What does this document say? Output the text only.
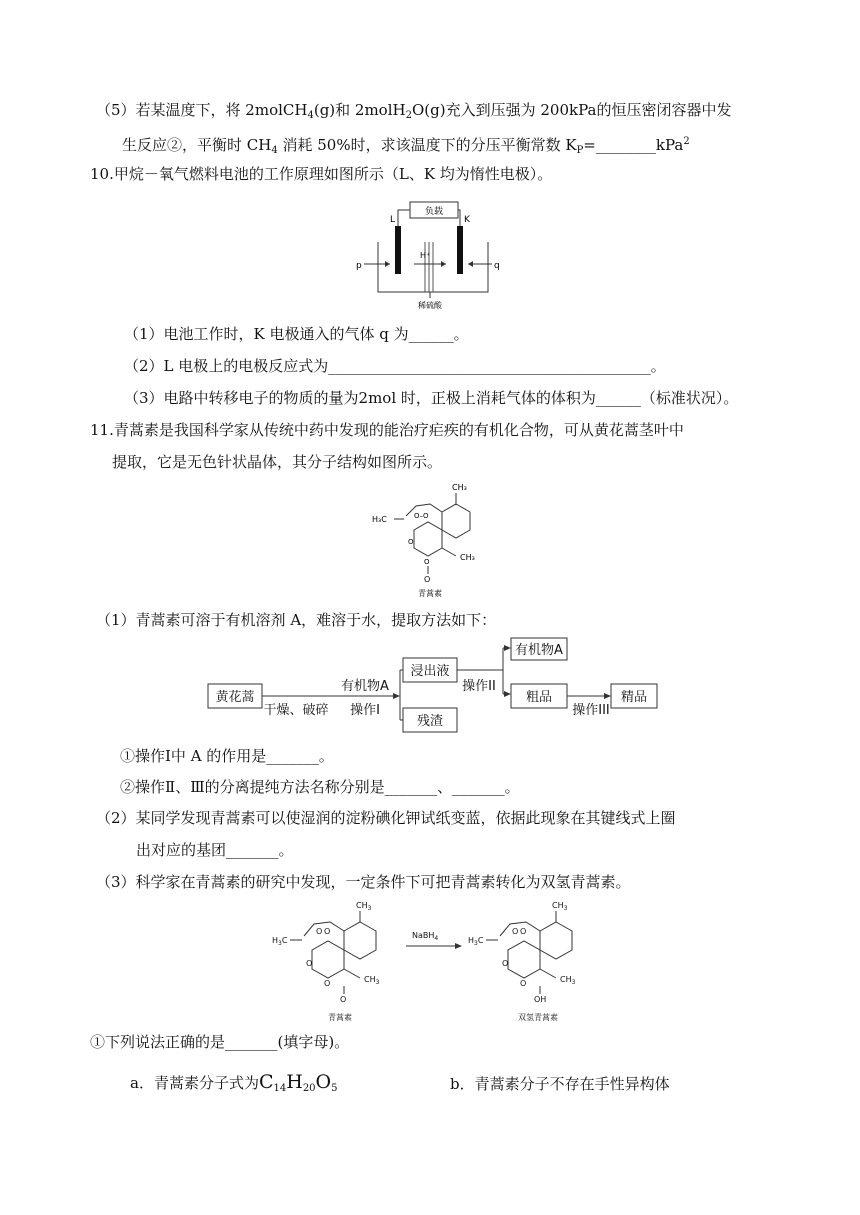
（5）若某温度下，将 2molCH$_4$(g)和 2molH$_2$O(g)充入到压强为 200kPa的恒压密闭容器中发
生反应②，平衡时 $CH_4$ 消耗 50%时，求该温度下的分压平衡常数 $K_P=\_\_\_\_\_\_\_\_kPa^2$
10.甲烷－氧气燃料电池的工作原理如图所示（L、K 均为惰性电极）。
负载
L	K
H⁺
p	q
稀硫酸
（1）电池工作时，K 电极通入的气体 q 为______。
（2）L 电极上的电极反应式为___________________________________________。
（3）电路中转移电子的物质的量为2mol 时，正极上消耗气体的体积为______（标准状况）。
11.青蒿素是我国科学家从传统中药中发现的能治疗疟疾的有机化合物，可从黄花蒿茎叶中
提取，它是无色针状晶体，其分子结构如图所示。
CH₃
H₃C	O–O
O
O	CH₃
O
青蒿素
（1）青蒿素可溶于有机溶剂 A，难溶于水，提取方法如下：
黄花蒿
有机物A
干燥、破碎 操作I
浸出液
残渣
操作II
有机物A
粗品
操作III
精品
①操作Ⅰ中 A 的作用是_______。
②操作Ⅱ、Ⅲ的分离提纯方法名称分别是_______、_______。
（2）某同学发现青蒿素可以使湿润的淀粉碘化钾试纸变蓝，依据此现象在其键线式上圈
出对应的基团_______。
（3）科学家在青蒿素的研究中发现，一定条件下可把青蒿素转化为双氢青蒿素。
$CH_3$
$H_3C$
O O
O
O	$CH_3$
O
青蒿素
NaBH$_4$
$CH_3$
$H_3C$
O O
O
O	$CH_3$
OH
双氢青蒿素
①下列说法正确的是_______(填字母)。
a．青蒿素分子式为$C_{14}H_{20}O_5$	b．青蒿素分子不存在手性异构体
